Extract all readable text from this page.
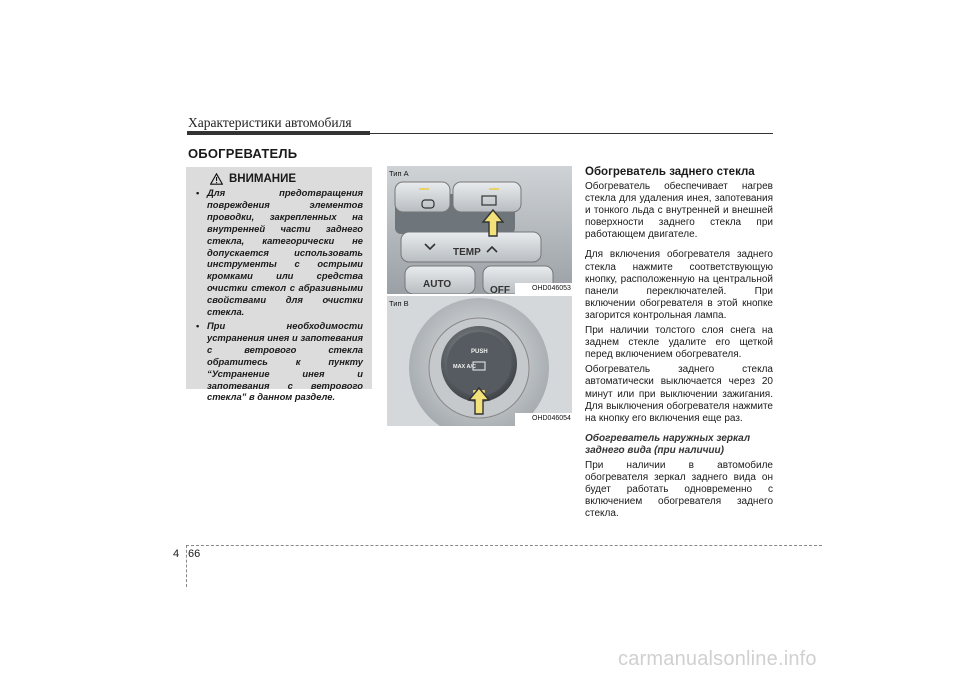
Характеристики автомобиля
ОБОГРЕВАТЕЛЬ
ВНИМАНИЕ
• Для предотвращения повреждения элементов проводки, закрепленных на внутренней части заднего стекла, категорически не допускается использовать инструменты с острыми кромками или средства очистки стекол с абразивными свойствами для очистки стекла.
• При необходимости устранения инея и запотевания с ветрового стекла обратитесь к пункту “Устранение инея и запотевания с ветрового стекла” в данном разделе.
TEMP
AUTO
OFF
Тип A
OHD046053
PUSH
MAX A/C
Тип B
OHD046054
Обогреватель заднего стекла
Обогреватель обеспечивает нагрев стекла для удаления инея, запотевания и тонкого льда с внутренней и внешней поверхности заднего стекла при работающем двигателе.
Для включения обогревателя заднего стекла нажмите соответствующую кнопку, расположенную на центральной панели переключателей. При включении обогревателя в этой кнопке загорится контрольная лампа.
При наличии толстого слоя снега на заднем стекле удалите его щеткой перед включением обогревателя.
Обогреватель заднего стекла автоматически выключается через 20 минут или при выключении зажигания. Для выключения обогревателя нажмите на кнопку его включения еще раз.
Обогреватель наружных зеркал заднего вида (при наличии)
При наличии в автомобиле обогревателя зеркал заднего вида он будет работать одновременно с включением обогревателя заднего стекла.
4 66
carmanualsonline.info
